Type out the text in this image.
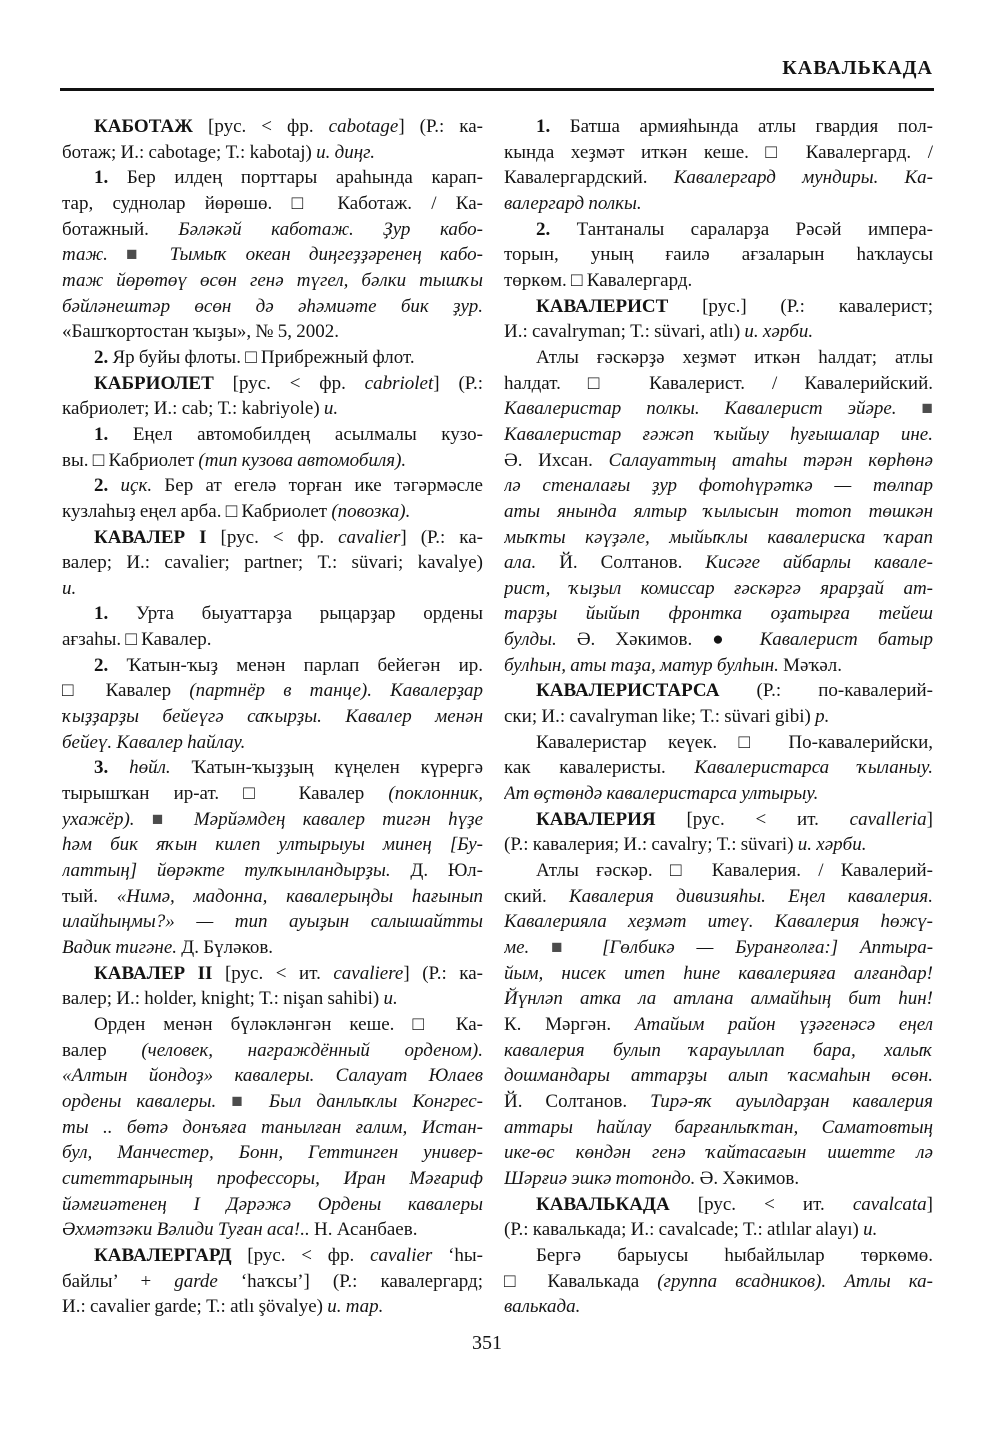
КАВАЛЬКАДА
КАБОТАЖ [рус. < фр. cabotage] (Р.: ка-
ботаж; И.: cabotage; Т.: kabotaj) и. диңг.
1. Бер илдең порттары араһында карап-
тар, суднолар йөрөшө. □ Каботаж. / Ка-
ботажный. Бәләкәй каботаж. Ҙур кабо-
таж. ■ Тымыҡ океан диңгеҙҙәренең кабо-
таж йөрөтөү өсөн генә түгел, бәлки тышҡы
бәйләнештәр өсөн дә әһәмиәте бик ҙур.
«Башҡортостан ҡыҙы», № 5, 2002.
2. Яр буйы флоты. □ Прибрежный флот.
КАБРИОЛЕТ [рус. < фр. cabriolet] (Р.:
кабриолет; И.: cab; Т.: kabriyole) и.
1. Еңел автомобилдең асылмалы кузо-
вы. □ Кабриолет (тип кузова автомобиля).
2. иҫк. Бер ат егелә торған ике тәгәрмәсле
кузлаһыҙ еңел арба. □ Кабриолет (повозка).
КАВАЛЕР I [рус. < фр. cavalier] (Р.: ка-
валер; И.: cavalier; partner; Т.: süvari; kavalye)
и.
1. Урта быуаттарҙа рыцарҙар ордены
ағзаһы. □ Кавалер.
2. Ҡатын-ҡыҙ менән парлап бейегән ир.
□ Кавалер (партнёр в танце). Кавалерҙар
ҡыҙҙарҙы бейеүгә саҡырҙы. Кавалер менән
бейеү. Кавалер һайлау.
3. һөйл. Ҡатын-ҡыҙҙың күңелен күрергә
тырышҡан ир-ат. □ Кавалер (поклонник,
ухажёр). ■ Мәрйәмдең кавалер тигән һүҙе
һәм бик яҡын килеп ултырыуы минең [Бу-
латтың] йөрәкте тулҡынландырҙы. Д. Юл-
тый. «Нимә, мадонна, кавалерыңды һағынып
илайһыңмы?» — тип ауыҙын салышайтты
Вадик тигәне. Д. Бүләков.
КАВАЛЕР II [рус. < ит. cavaliere] (Р.: ка-
валер; И.: holder, knight; Т.: nişan sahibi) и.
Орден менән бүләкләнгән кеше. □ Ка-
валер (человек, награждённый орденом).
«Алтын йондоҙ» кавалеры. Салауат Юлаев
ордены кавалеры. ■ Был данлыҡлы Конгрес-
ты .. бөтә донъяға танылған ғалим, Истан-
бул, Манчестер, Бонн, Геттинген универ-
ситеттарының профессоры, Иран Мәғариф
йәмғиәтенең I Дәрәжә Ордены кавалеры
Әхмәтзәки Вәлиди Туған аса!.. Н. Асанбаев.
КАВАЛЕРГАРД [рус. < фр. cavalier ‘һы-
байлы’ + garde ‘һаҡсы’] (Р.: кавалергард;
И.: cavalier garde; Т.: atlı şövalye) и. тар.
1. Батша армияһында атлы гвардия пол-
кында хеҙмәт иткән кеше. □ Кавалергард. /
Кавалергардский. Кавалергард мундиры. Ка-
валергард полкы.
2. Тантаналы сараларҙа Рәсәй импера-
торын, уның ғаилә ағзаларын һаҡлаусы
төркөм. □ Кавалергард.
КАВАЛЕРИСТ [рус.] (Р.: кавалерист;
И.: cavalryman; Т.: süvari, atlı) и. хәрби.
Атлы ғәскәрҙә хеҙмәт иткән һалдат; атлы
һалдат. □ Кавалерист. / Кавалерийский.
Кавалеристар полкы. Кавалерист эйәре. ■
Кавалеристар ғәжәп ҡыйыу һуғышалар ине.
Ә. Ихсан. Салауаттың атаһы тәрән көрһөнә
лә стеналағы ҙур фотоһүрәткә — төлпар
аты янында ялтыр ҡылысын тотоп төшкән
мыҡты кәүҙәле, мыйыҡлы кавалериска ҡарап
ала. Й. Солтанов. Кисәге айбарлы кавале-
рист, ҡыҙыл комиссар ғәскәргә ярарҙай ат-
тарҙы йыйып фронтка оҙатырға тейеш
булды. Ә. Хәкимов. ● Кавалерист батыр
булһын, аты таҙа, матур булһын. Мәҡәл.
КАВАЛЕРИСТАРСА (Р.: по-кавалерий-
ски; И.: cavalryman like; Т.: süvari gibi) р.
Кавалеристар кеүек. □ По-кавалерийски,
как кавалеристы. Кавалеристарса ҡыланыу.
Ат өҫтөндә кавалеристарса ултырыу.
КАВАЛЕРИЯ [рус. < ит. cavalleria]
(Р.: кавалерия; И.: cavalry; Т.: süvari) и. хәрби.
Атлы ғәскәр. □ Кавалерия. / Кавалерий-
ский. Кавалерия дивизияһы. Еңел кавалерия.
Кавалерияла хеҙмәт итеү. Кавалерия һөжү-
ме. ■ [Гөлбикә — Буранғолға:] Аптыра-
йым, нисек итеп һине кавалерияға алғандар!
Йүнләп атка ла атлана алмайһың бит һин!
К. Мәргән. Атайым район үҙәгенәсә еңел
кавалерия булып ҡарауыллап бара, халыҡ
дошмандары аттарҙы алып ҡасмаһын өсөн.
Й. Солтанов. Тирә-яҡ ауылдарҙан кавалерия
аттары һайлау барғанлыҡтан, Саматовтың
ике-өс көндән генә ҡайтасағын ишетте лә
Шәрғиә эшкә тотондо. Ә. Хәкимов.
КАВАЛЬКАДА [рус. < ит. cavalcata]
(Р.: кавалькада; И.: cavalcade; Т.: atlılar alayı) и.
Бергә барыусы һыбайлылар төркөмө.
□ Кавалькада (группа всадников). Атлы ка-
валькада.
351
